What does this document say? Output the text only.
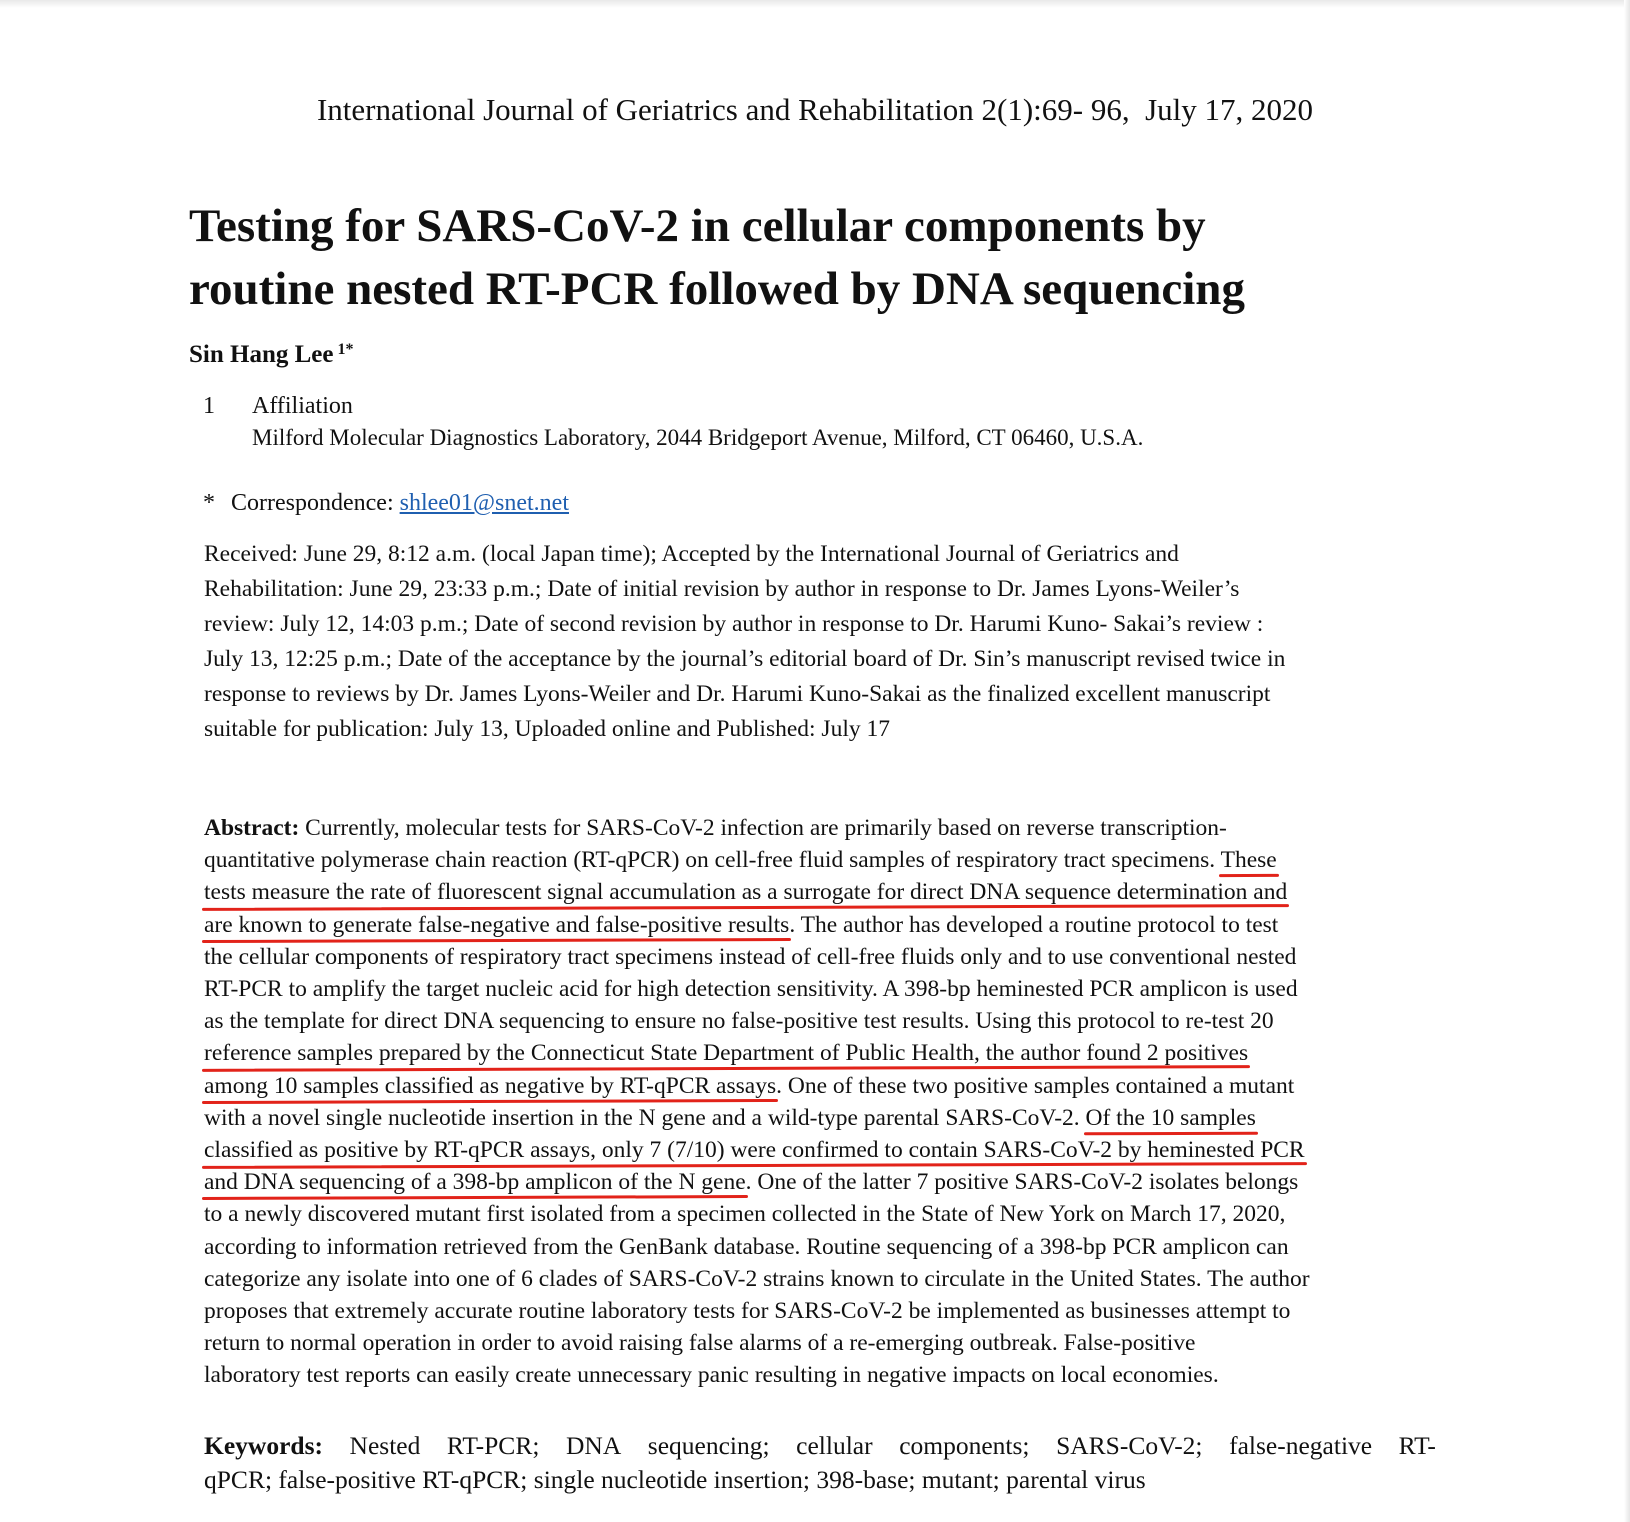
International Journal of Geriatrics and Rehabilitation 2(1):69- 96,  July 17, 2020
Testing for SARS-CoV-2 in cellular components by
routine nested RT-PCR followed by DNA sequencing
Sin Hang Lee $^{1*}$
1 Affiliation
Milford Molecular Diagnostics Laboratory, 2044 Bridgeport Avenue, Milford, CT 06460, U.S.A.
* Correspondence: shlee01@snet.net
Received: June 29, 8:12 a.m. (local Japan time); Accepted by the International Journal of Geriatrics and
Rehabilitation: June 29, 23:33 p.m.; Date of initial revision by author in response to Dr. James Lyons-Weiler’s
review: July 12, 14:03 p.m.; Date of second revision by author in response to Dr. Harumi Kuno- Sakai’s review :
July 13, 12:25 p.m.; Date of the acceptance by the journal’s editorial board of Dr. Sin’s manuscript revised twice in
response to reviews by Dr. James Lyons-Weiler and Dr. Harumi Kuno-Sakai as the finalized excellent manuscript
suitable for publication: July 13, Uploaded online and Published: July 17
Abstract: Currently, molecular tests for SARS-CoV-2 infection are primarily based on reverse transcription-
quantitative polymerase chain reaction (RT-qPCR) on cell-free fluid samples of respiratory tract specimens. These
tests measure the rate of fluorescent signal accumulation as a surrogate for direct DNA sequence determination and
are known to generate false-negative and false-positive results. The author has developed a routine protocol to test
the cellular components of respiratory tract specimens instead of cell-free fluids only and to use conventional nested
RT-PCR to amplify the target nucleic acid for high detection sensitivity. A 398-bp heminested PCR amplicon is used
as the template for direct DNA sequencing to ensure no false-positive test results. Using this protocol to re-test 20
reference samples prepared by the Connecticut State Department of Public Health, the author found 2 positives
among 10 samples classified as negative by RT-qPCR assays. One of these two positive samples contained a mutant
with a novel single nucleotide insertion in the N gene and a wild-type parental SARS-CoV-2. Of the 10 samples
classified as positive by RT-qPCR assays, only 7 (7/10) were confirmed to contain SARS-CoV-2 by heminested PCR
and DNA sequencing of a 398-bp amplicon of the N gene. One of the latter 7 positive SARS-CoV-2 isolates belongs
to a newly discovered mutant first isolated from a specimen collected in the State of New York on March 17, 2020,
according to information retrieved from the GenBank database. Routine sequencing of a 398-bp PCR amplicon can
categorize any isolate into one of 6 clades of SARS-CoV-2 strains known to circulate in the United States. The author
proposes that extremely accurate routine laboratory tests for SARS-CoV-2 be implemented as businesses attempt to
return to normal operation in order to avoid raising false alarms of a re-emerging outbreak. False-positive
laboratory test reports can easily create unnecessary panic resulting in negative impacts on local economies.
Keywords: Nested RT-PCR; DNA sequencing; cellular components; SARS-CoV-2; false-negative RT-
qPCR; false-positive RT-qPCR; single nucleotide insertion; 398-base; mutant; parental virus
